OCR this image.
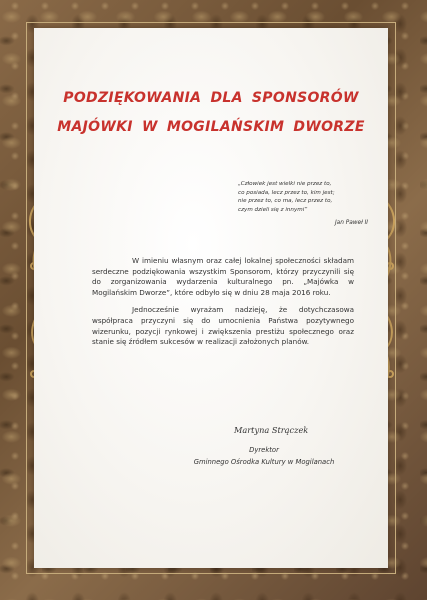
PODZIĘKOWANIA DLA SPONSORÓW
MAJÓWKI W MOGILAŃSKIM DWORZE

„Człowiek jest wielki nie przez to,

co posiada, lecz przez to, kim jest;

nie przez to, co ma, lecz przez to,

czym dzieli się z innymi”

Jan Paweł II

W imieniu własnym oraz całej lokalnej społeczności składam serdeczne podziękowania wszystkim Sponsorom, którzy przyczynili się do zorganizowania wydarzenia kulturalnego pn. „Majówka w Mogilańskim Dworze”, które odbyło się w dniu 28 maja 2016 roku.

Jednocześnie wyrażam nadzieję, że dotychczasowa współpraca przyczyni się do umocnienia Państwa pozytywnego wizerunku, pozycji rynkowej i zwiększenia prestiżu społecznego oraz stanie się źródłem sukcesów w realizacji założonych planów.

Martyna Strączek
Dyrektor
Gminnego Ośrodka Kultury w Mogilanach
